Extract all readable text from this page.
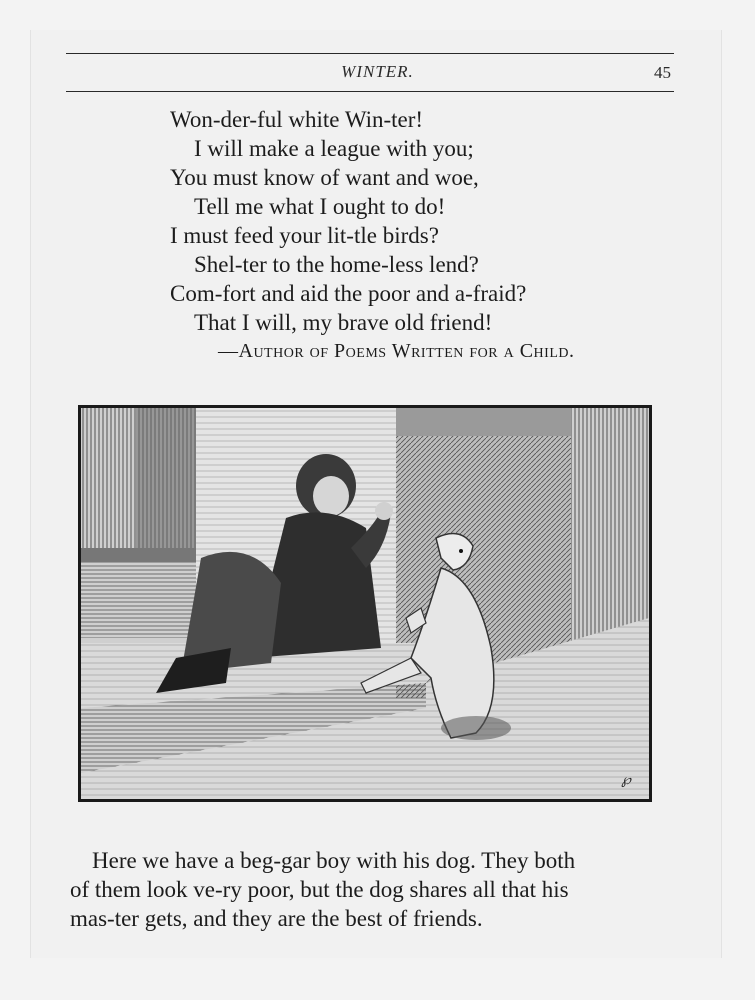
WINTER.	45
Won-der-ful white Win-ter!
I will make a league with you;
You must know of want and woe,
Tell me what I ought to do!
I must feed your lit-tle birds?
Shel-ter to the home-less lend?
Com-fort and aid the poor and a-fraid?
That I will, my brave old friend!
—Author of Poems Written for a Child.
℘
Here we have a beg-gar boy with his dog. They both
of them look ve-ry poor, but the dog shares all that his
mas-ter gets, and they are the best of friends.
